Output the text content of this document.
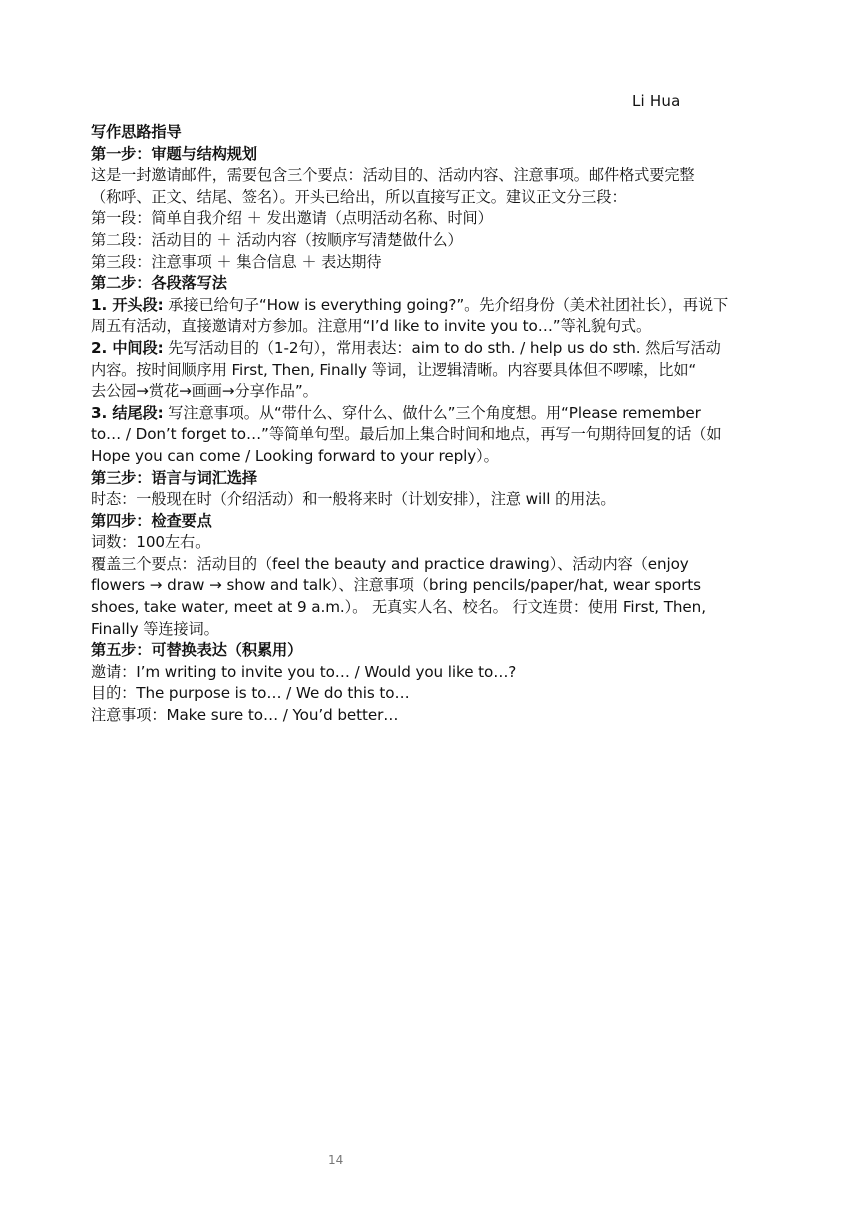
Li Hua
写作思路指导
第一步：审题与结构规划
这是一封邀请邮件，需要包含三个要点：活动目的、活动内容、注意事项。邮件格式要完整
（称呼、正文、结尾、签名）。开头已给出，所以直接写正文。建议正文分三段：
第一段：简单自我介绍 ＋ 发出邀请（点明活动名称、时间）
第二段：活动目的 ＋ 活动内容（按顺序写清楚做什么）
第三段：注意事项 ＋ 集合信息 ＋ 表达期待
第二步：各段落写法
1. 开头段: 承接已给句子“How is everything going?”。先介绍身份（美术社团社长），再说下
周五有活动，直接邀请对方参加。注意用“I’d like to invite you to…”等礼貌句式。
2. 中间段: 先写活动目的（1-2句），常用表达：aim to do sth. / help us do sth. 然后写活动
内容。按时间顺序用 First, Then, Finally 等词，让逻辑清晰。内容要具体但不啰嗦，比如“
去公园→赏花→画画→分享作品”。
3. 结尾段: 写注意事项。从“带什么、穿什么、做什么”三个角度想。用“Please remember
to… / Don’t forget to…”等简单句型。最后加上集合时间和地点，再写一句期待回复的话（如
Hope you can come / Looking forward to your reply）。
第三步：语言与词汇选择
时态：一般现在时（介绍活动）和一般将来时（计划安排），注意 will 的用法。
第四步：检查要点
词数：100左右。
覆盖三个要点：活动目的（feel the beauty and practice drawing）、活动内容（enjoy
flowers → draw → show and talk）、注意事项（bring pencils/paper/hat, wear sports
shoes, take water, meet at 9 a.m.）。 无真实人名、校名。 行文连贯：使用 First, Then,
Finally 等连接词。
第五步：可替换表达（积累用）
邀请：I’m writing to invite you to… / Would you like to…?
目的：The purpose is to… / We do this to…
注意事项：Make sure to… / You’d better…
14
